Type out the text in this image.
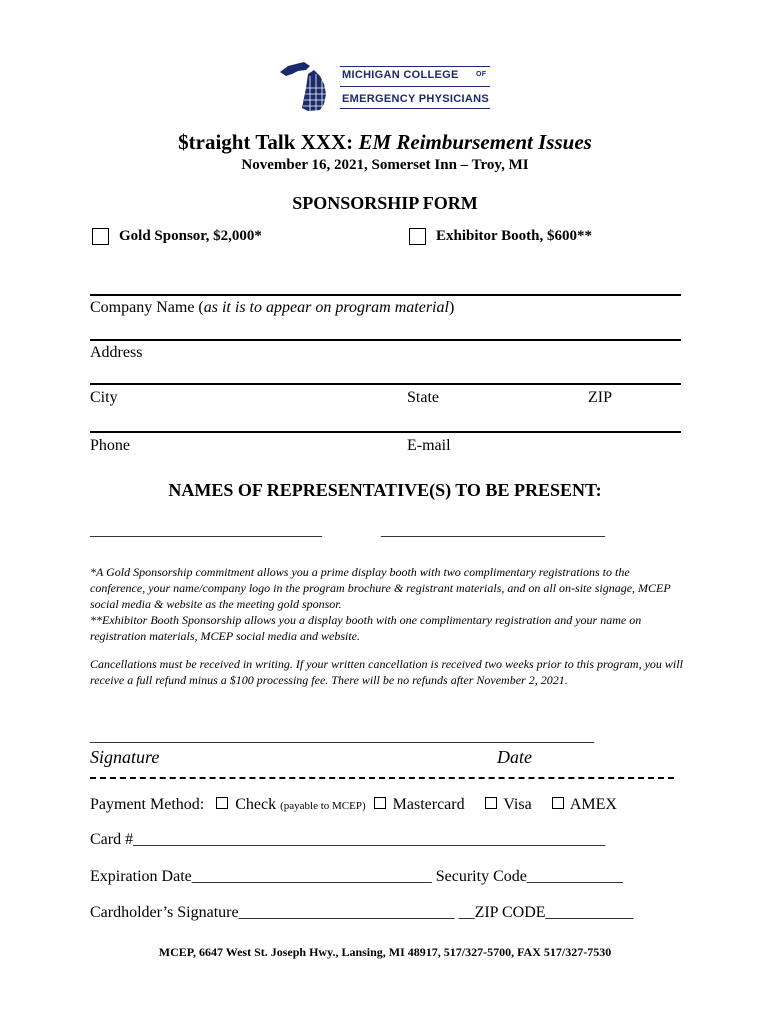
MICHIGAN COLLEGE OF
EMERGENCY PHYSICIANS
$traight Talk XXX: EM Reimbursement Issues
November 16, 2021, Somerset Inn – Troy, MI
SPONSORSHIP FORM
Gold Sponsor, $2,000*	Exhibitor Booth, $600**
Company Name (as it is to appear on program material)
Address
City	State	ZIP
Phone	E-mail
NAMES OF REPRESENTATIVE(S) TO BE PRESENT:
_____________________________	____________________________
*A Gold Sponsorship commitment allows you a prime display booth with two complimentary registrations to the conference, your name/company logo in the program brochure & registrant materials, and on all on-site signage, MCEP social media & website as the meeting gold sponsor.
**Exhibitor Booth Sponsorship allows you a display booth with one complimentary registration and your name on registration materials, MCEP social media and website.
Cancellations must be received in writing. If your written cancellation is received two weeks prior to this program, you will receive a full refund minus a $100 processing fee. There will be no refunds after November 2, 2021.
_______________________________________________________________
Signature	Date
Payment Method: Check (payable to MCEP) Mastercard Visa AMEX
Card #___________________________________________________________
Expiration Date______________________________ Security Code____________
Cardholder’s Signature___________________________ __ZIP CODE___________
MCEP, 6647 West St. Joseph Hwy., Lansing, MI 48917, 517/327-5700, FAX 517/327-7530
